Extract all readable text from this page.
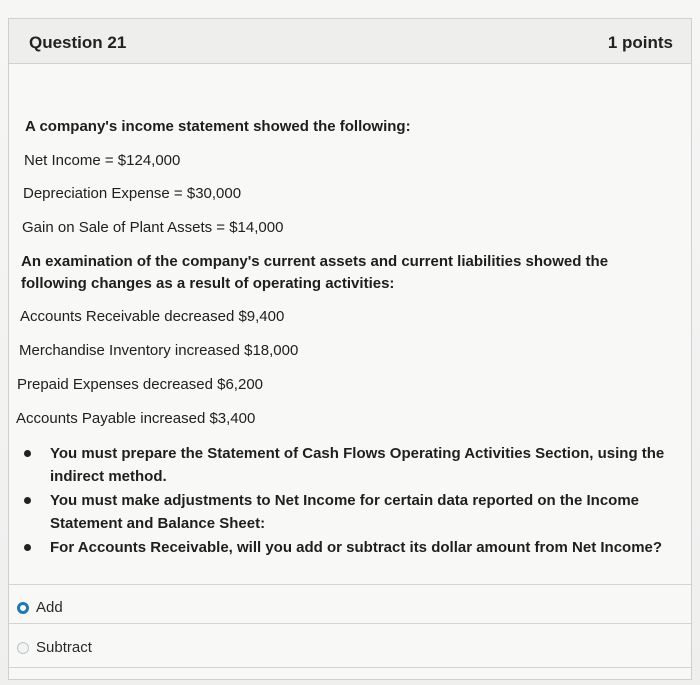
Question 21	1 points
A company's income statement showed the following:
Net Income = $124,000
Depreciation Expense = $30,000
Gain on Sale of Plant Assets = $14,000
An examination of the company's current assets and current liabilities showed the following changes as a result of operating activities:
Accounts Receivable decreased $9,400
Merchandise Inventory increased $18,000
Prepaid Expenses decreased $6,200
Accounts Payable increased $3,400
You must prepare the Statement of Cash Flows Operating Activities Section, using the indirect method.
You must make adjustments to Net Income for certain data reported on the Income Statement and Balance Sheet:
For Accounts Receivable, will you add or subtract its dollar amount from Net Income?
Add
Subtract
